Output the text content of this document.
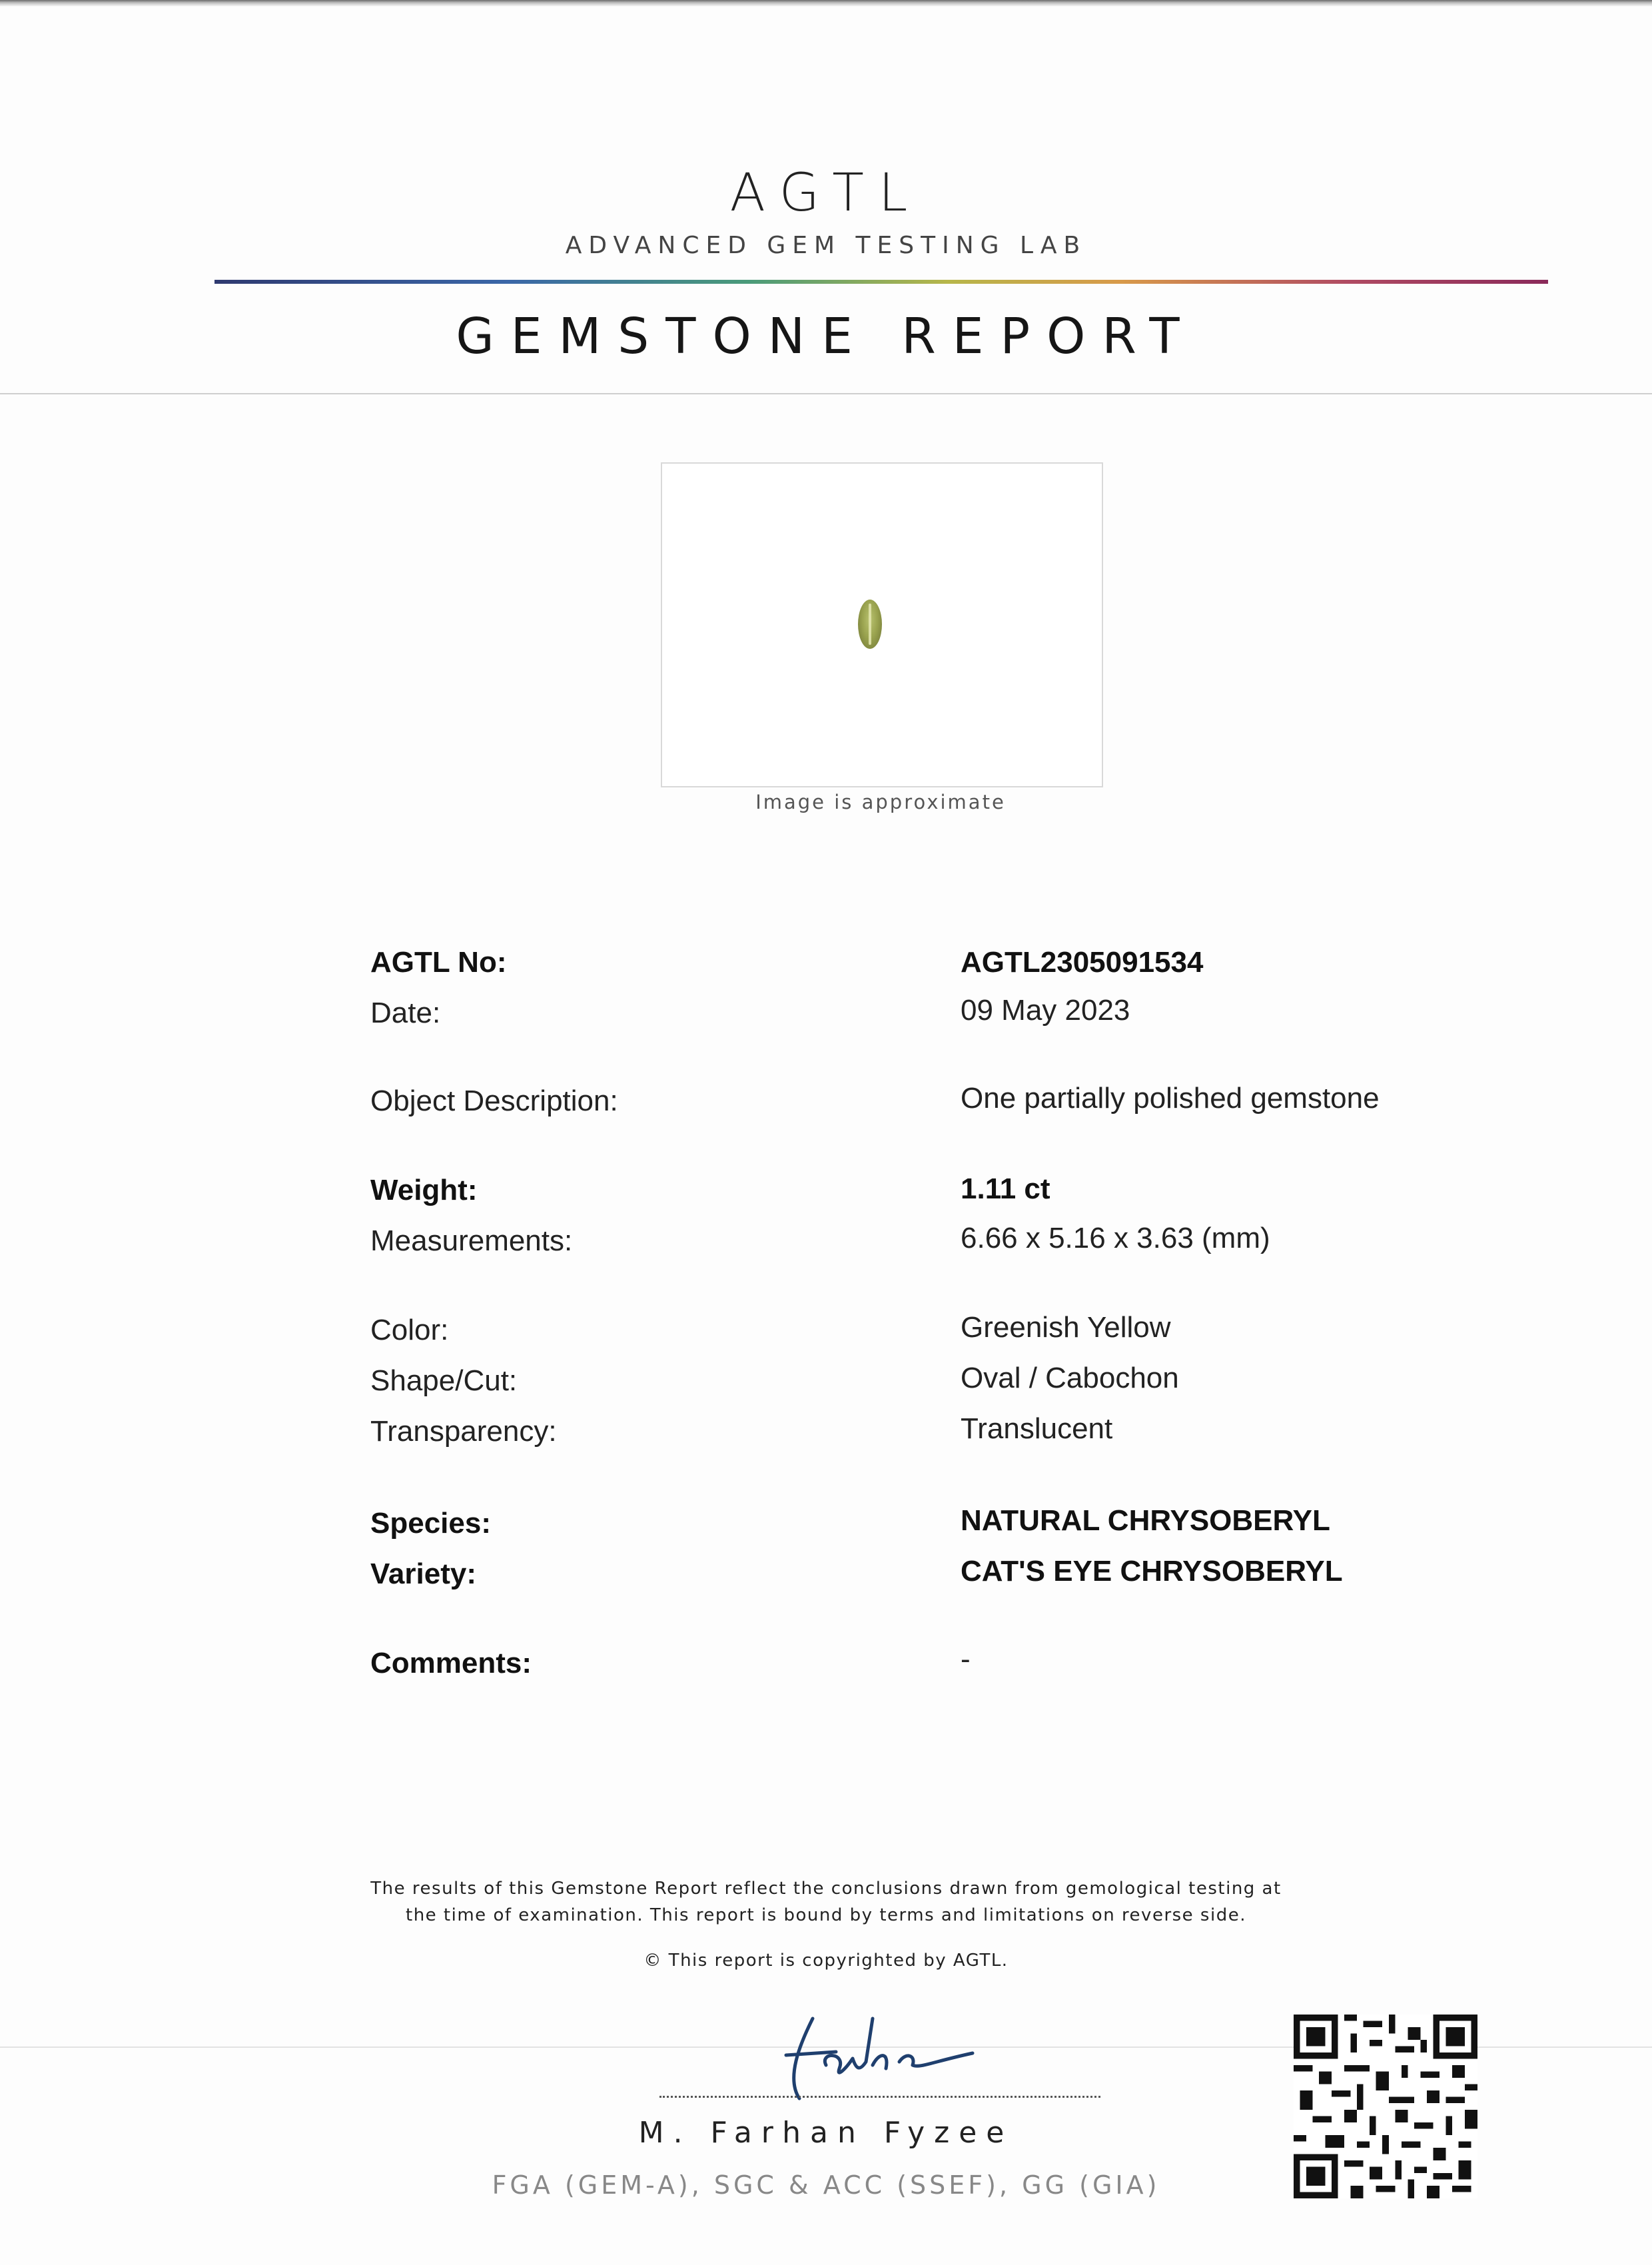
AGTL
ADVANCED GEM TESTING LAB
GEMSTONE REPORT
Image is approximate
AGTL No:	AGTL2305091534
Date:	09 May 2023
Object Description:	One partially polished gemstone
Weight:	1.11 ct
Measurements:	6.66 x 5.16 x 3.63 (mm)
Color:	Greenish Yellow
Shape/Cut:	Oval / Cabochon
Transparency:	Translucent
Species:	NATURAL CHRYSOBERYL
Variety:	CAT'S EYE CHRYSOBERYL
Comments:	-
The results of this Gemstone Report reflect the conclusions drawn from gemological testing at
the time of examination. This report is bound by terms and limitations on reverse side.
© This report is copyrighted by AGTL.
M. Farhan Fyzee
FGA (GEM-A), SGC & ACC (SSEF), GG (GIA)
